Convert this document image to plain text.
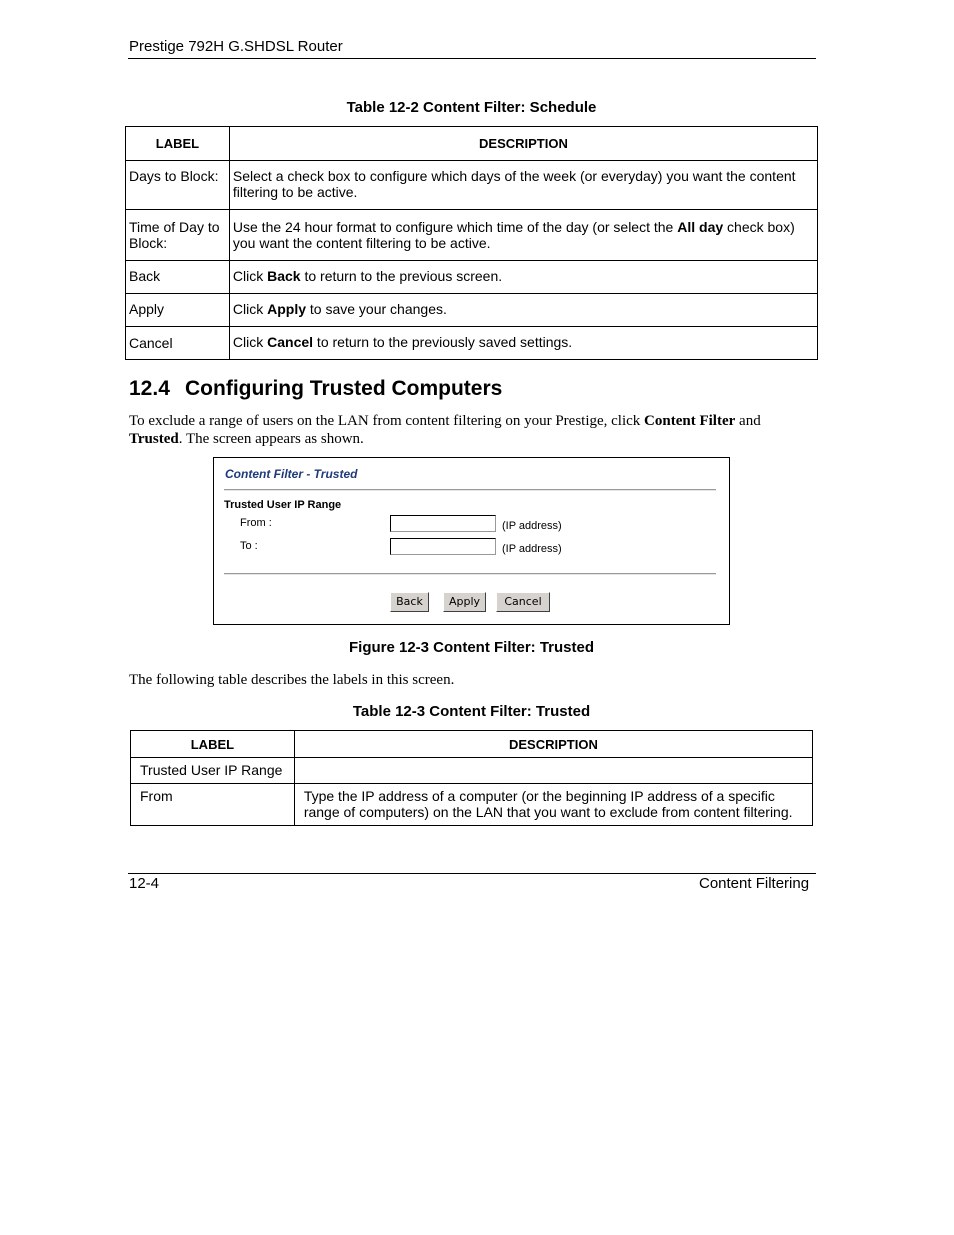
Prestige 792H G.SHDSL Router
Table 12-2 Content Filter: Schedule
LABEL	DESCRIPTION

Days to Block:	Select a check box to configure which days of the week (or everyday) you want the content filtering to be active.

Time of Day to Block:	Use the 24 hour format to configure which time of the day (or select the All day check box) you want the content filtering to be active.

Back	Click Back to return to the previous screen.

Apply	Click Apply to save your changes.

Cancel	Click Cancel to return to the previously saved settings.
12.4 Configuring Trusted Computers
To exclude a range of users on the LAN from content filtering on your Prestige, click Content Filter and
Trusted. The screen appears as shown.
Content Filter - Trusted
Trusted User IP Range
From :	(IP address)
To :	(IP address)
Back	Apply	Cancel
Figure 12-3 Content Filter: Trusted
The following table describes the labels in this screen.
Table 12-3 Content Filter: Trusted
LABEL	DESCRIPTION

Trusted User IP Range	

From	Type the IP address of a computer (or the beginning IP address of a specific range of computers) on the LAN that you want to exclude from content filtering.
12-4	Content Filtering
